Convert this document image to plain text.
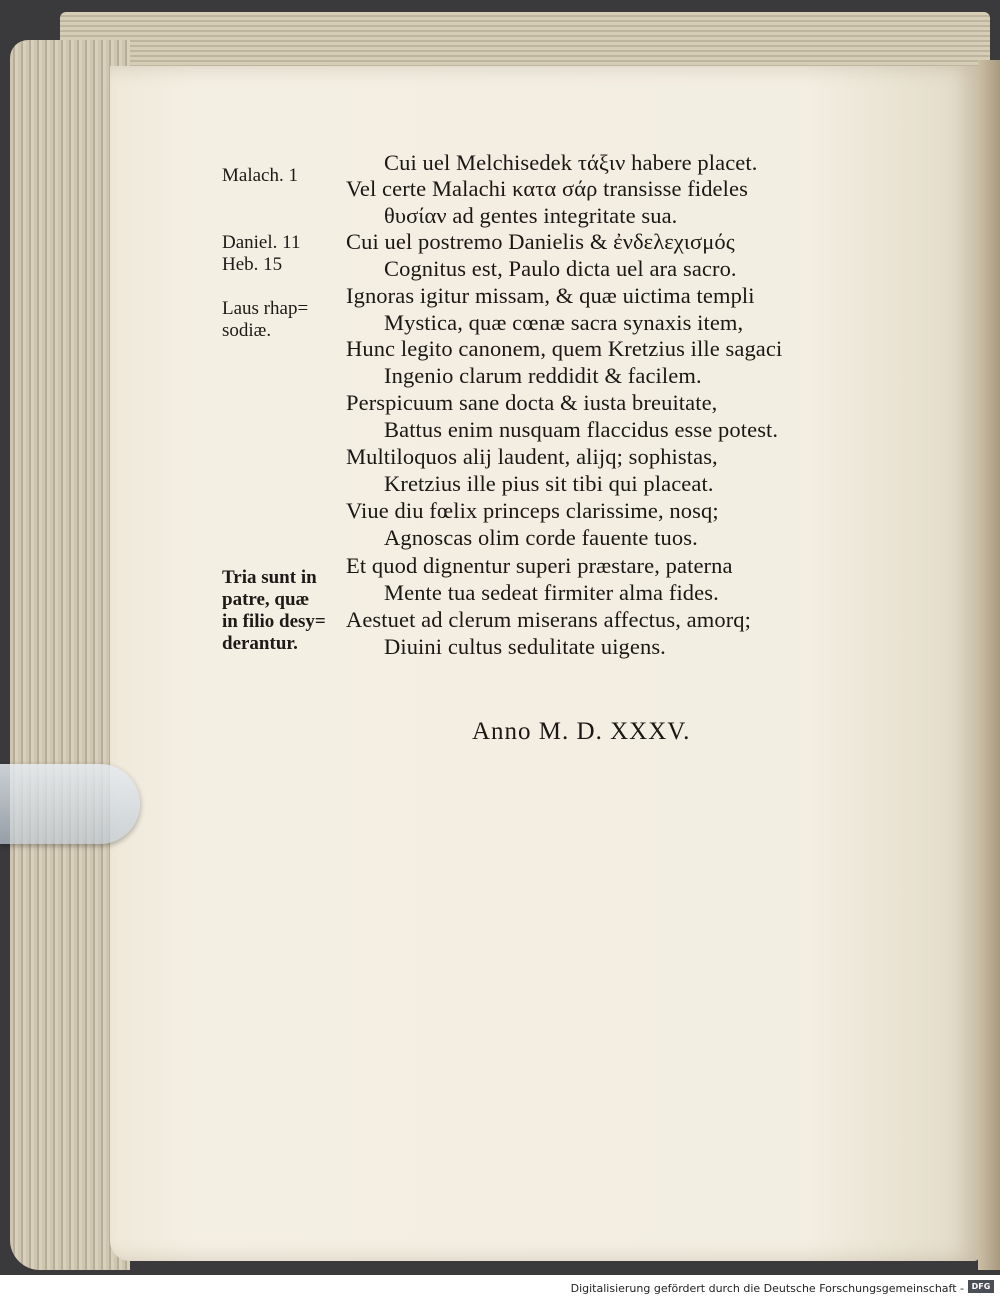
Malach. 1
Daniel. 11
Heb. 15
Laus rhap=
sodiæ.
Tria sunt in
patre, quæ
in filio desy=
derantur.
Cui uel Melchisedek τάξιν habere placet.
Vel certe Malachi κατα σάρ transisse fideles
θυσίαν ad gentes integritate sua.
Cui uel postremo Danielis & ἐνδελεχισμός
Cognitus est, Paulo dicta uel ara sacro.
Ignoras igitur missam, & quæ uictima templi
Mystica, quæ cœnæ sacra synaxis item,
Hunc legito canonem, quem Kretzius ille sagaci
Ingenio clarum reddidit & facilem.
Perspicuum sane docta & iusta breuitate,
Battus enim nusquam flaccidus esse potest.
Multiloquos alij laudent, alijq; sophistas,
Kretzius ille pius sit tibi qui placeat.
Viue diu fœlix princeps clarissime, nosq;
Agnoscas olim corde fauente tuos.
Et quod dignentur superi præstare, paterna
Mente tua sedeat firmiter alma fides.
Aestuet ad clerum miserans affectus, amorq;
Diuini cultus sedulitate uigens.
Anno M. D. XXXV.
Digitalisierung gefördert durch die Deutsche Forschungsgemeinschaft - DFG
